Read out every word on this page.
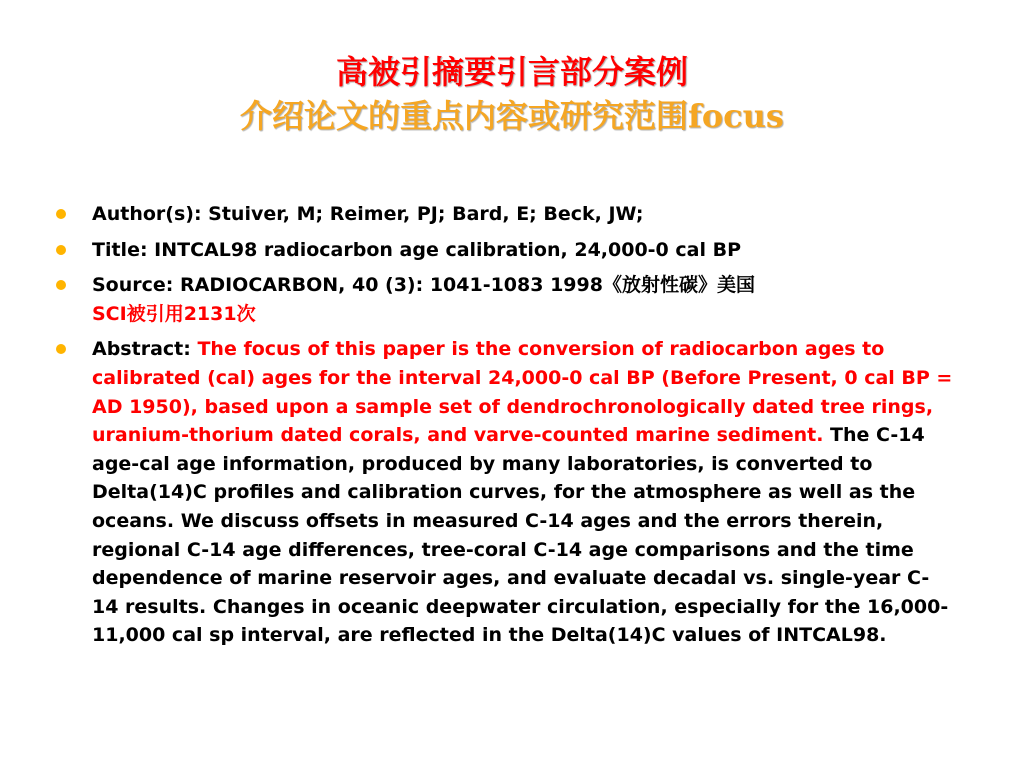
高被引摘要引言部分案例
介绍论文的重点内容或研究范围focus
Author(s): Stuiver, M; Reimer, PJ; Bard, E; Beck, JW;
Title: INTCAL98 radiocarbon age calibration, 24,000-0 cal BP
Source: RADIOCARBON, 40 (3): 1041-1083 1998《放射性碳》美国
SCI被引用2131次
Abstract: The focus of this paper is the conversion of radiocarbon ages to calibrated (cal) ages for the interval 24,000-0 cal BP (Before Present, 0 cal BP = AD 1950), based upon a sample set of dendrochronologically dated tree rings, uranium-thorium dated corals, and varve-counted marine sediment. The C-14 age-cal age information, produced by many laboratories, is converted to Delta(14)C profiles and calibration curves, for the atmosphere as well as the oceans. We discuss offsets in measured C-14 ages and the errors therein, regional C-14 age differences, tree-coral C-14 age comparisons and the time dependence of marine reservoir ages, and evaluate decadal vs. single-year C-14 results. Changes in oceanic deepwater circulation, especially for the 16,000-11,000 cal sp interval, are reflected in the Delta(14)C values of INTCAL98.
